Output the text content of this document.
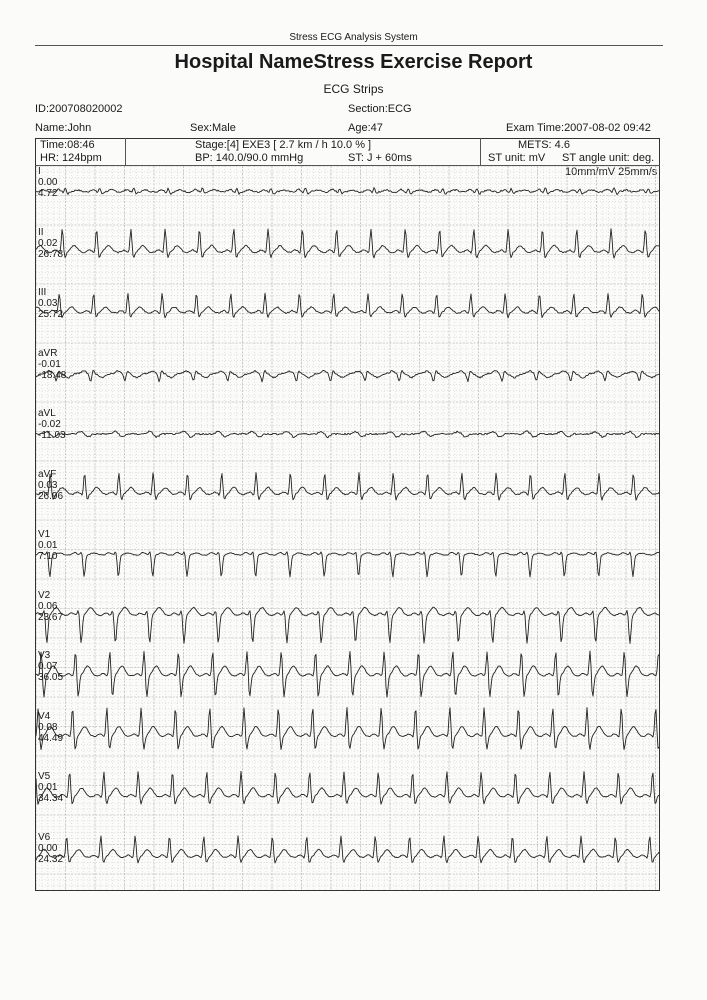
Stress ECG Analysis System
Hospital NameStress Exercise Report
ECG Strips
ID:200708020002	Section:ECG
Name:John	Sex:Male	Age:47	Exam Time:2007-08-02 09:42
Time:08:46
HR: 124bpm
Stage:[4] EXE3 [ 2.7 km / h 10.0 % ]
BP: 140.0/90.0 mmHg	ST: J + 60ms
METS: 4.6
ST unit: mV ST angle unit: deg.
10mm/mV 25mm/s
I
0.00
4.72
II
0.02
26.78
III
0.03
25.72
aVR
-0.01
-18.48
aVL
-0.02
-11.03
aVF
0.03
26.96
V1
0.01
7.10
V2
0.06
23.67
V3
0.07
36.05
V4
0.08
44.49
V5
0.01
34.34
V6
0.00
24.32
